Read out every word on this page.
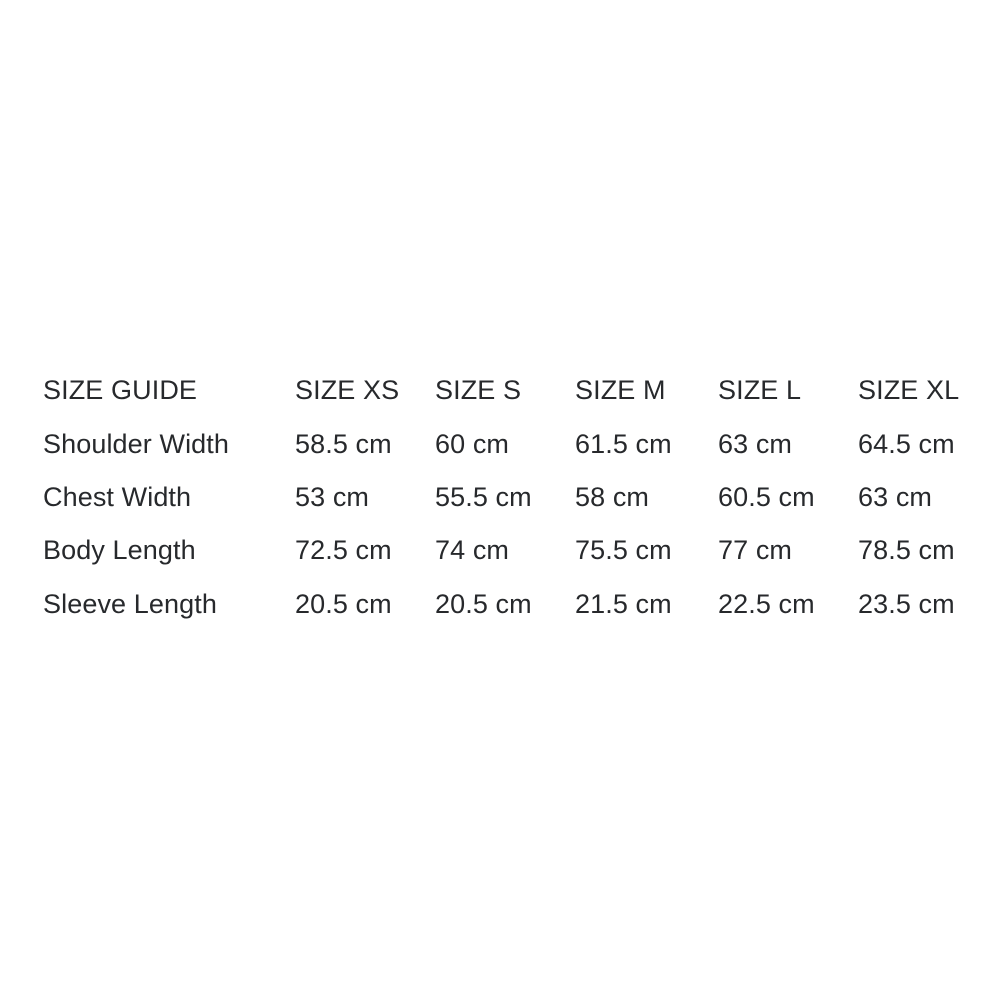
SIZE GUIDE	SIZE XS	SIZE S	SIZE M	SIZE L	SIZE XL
Shoulder Width	58.5 cm	60 cm	61.5 cm	63 cm	64.5 cm
Chest Width	53 cm	55.5 cm	58 cm	60.5 cm	63 cm
Body Length	72.5 cm	74 cm	75.5 cm	77 cm	78.5 cm
Sleeve Length	20.5 cm	20.5 cm	21.5 cm	22.5 cm	23.5 cm
